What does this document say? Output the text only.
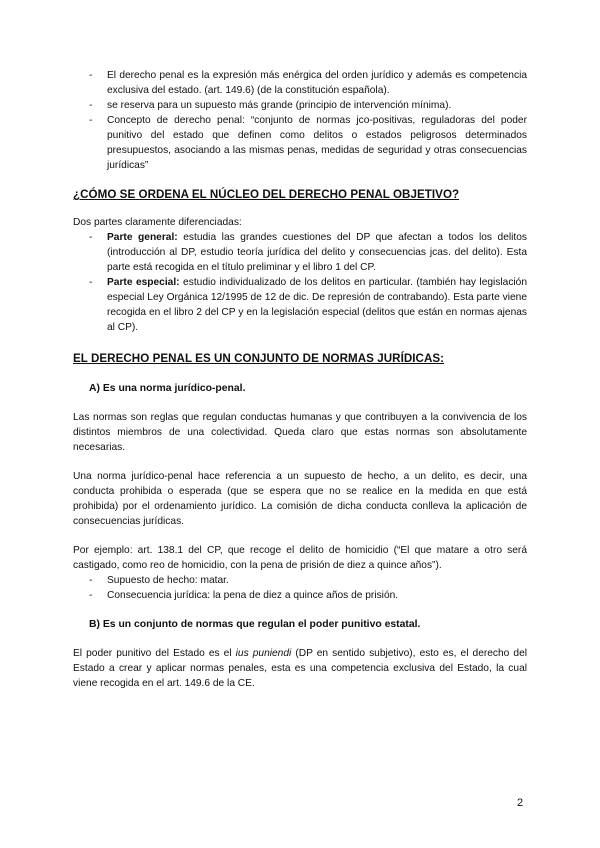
- El derecho penal es la expresión más enérgica del orden jurídico y además es competencia exclusiva del estado. (art. 149.6) (de la constitución española).
- se reserva para un supuesto más grande (principio de intervención mínima).
- Concepto de derecho penal: “conjunto de normas jco-positivas, reguladoras del poder punitivo del estado que definen como delitos o estados peligrosos determinados presupuestos, asociando a las mismas penas, medidas de seguridad y otras consecuencias jurídicas”
¿CÓMO SE ORDENA EL NÚCLEO DEL DERECHO PENAL OBJETIVO?

Dos partes claramente diferenciadas:

- Parte general: estudia las grandes cuestiones del DP que afectan a todos los delitos (introducción al DP, estudio teoría jurídica del delito y consecuencias jcas. del delito). Esta parte está recogida en el título preliminar y el libro 1 del CP.
- Parte especial: estudio individualizado de los delitos en particular. (también hay legislación especial Ley Orgánica 12/1995 de 12 de dic. De represión de contrabando). Esta parte viene recogida en el libro 2 del CP y en la legislación especial (delitos que están en normas ajenas al CP).
EL DERECHO PENAL ES UN CONJUNTO DE NORMAS JURÍDICAS:

A) Es una norma jurídico-penal.

Las normas son reglas que regulan conductas humanas y que contribuyen a la convivencia de los distintos miembros de una colectividad. Queda claro que estas normas son absolutamente necesarias.

Una norma jurídico-penal hace referencia a un supuesto de hecho, a un delito, es decir, una conducta prohibida o esperada (que se espera que no se realice en la medida en que está prohibida) por el ordenamiento jurídico. La comisión de dicha conducta conlleva la aplicación de consecuencias jurídicas.

Por ejemplo: art. 138.1 del CP, que recoge el delito de homicidio (“El que matare a otro será castigado, como reo de homicidio, con la pena de prisión de diez a quince años”).

- Supuesto de hecho: matar.
- Consecuencia jurídica: la pena de diez a quince años de prisión.

B) Es un conjunto de normas que regulan el poder punitivo estatal.

El poder punitivo del Estado es el ius puniendi (DP en sentido subjetivo), esto es, el derecho del Estado a crear y aplicar normas penales, esta es una competencia exclusiva del Estado, la cual viene recogida en el art. 149.6 de la CE.

2
